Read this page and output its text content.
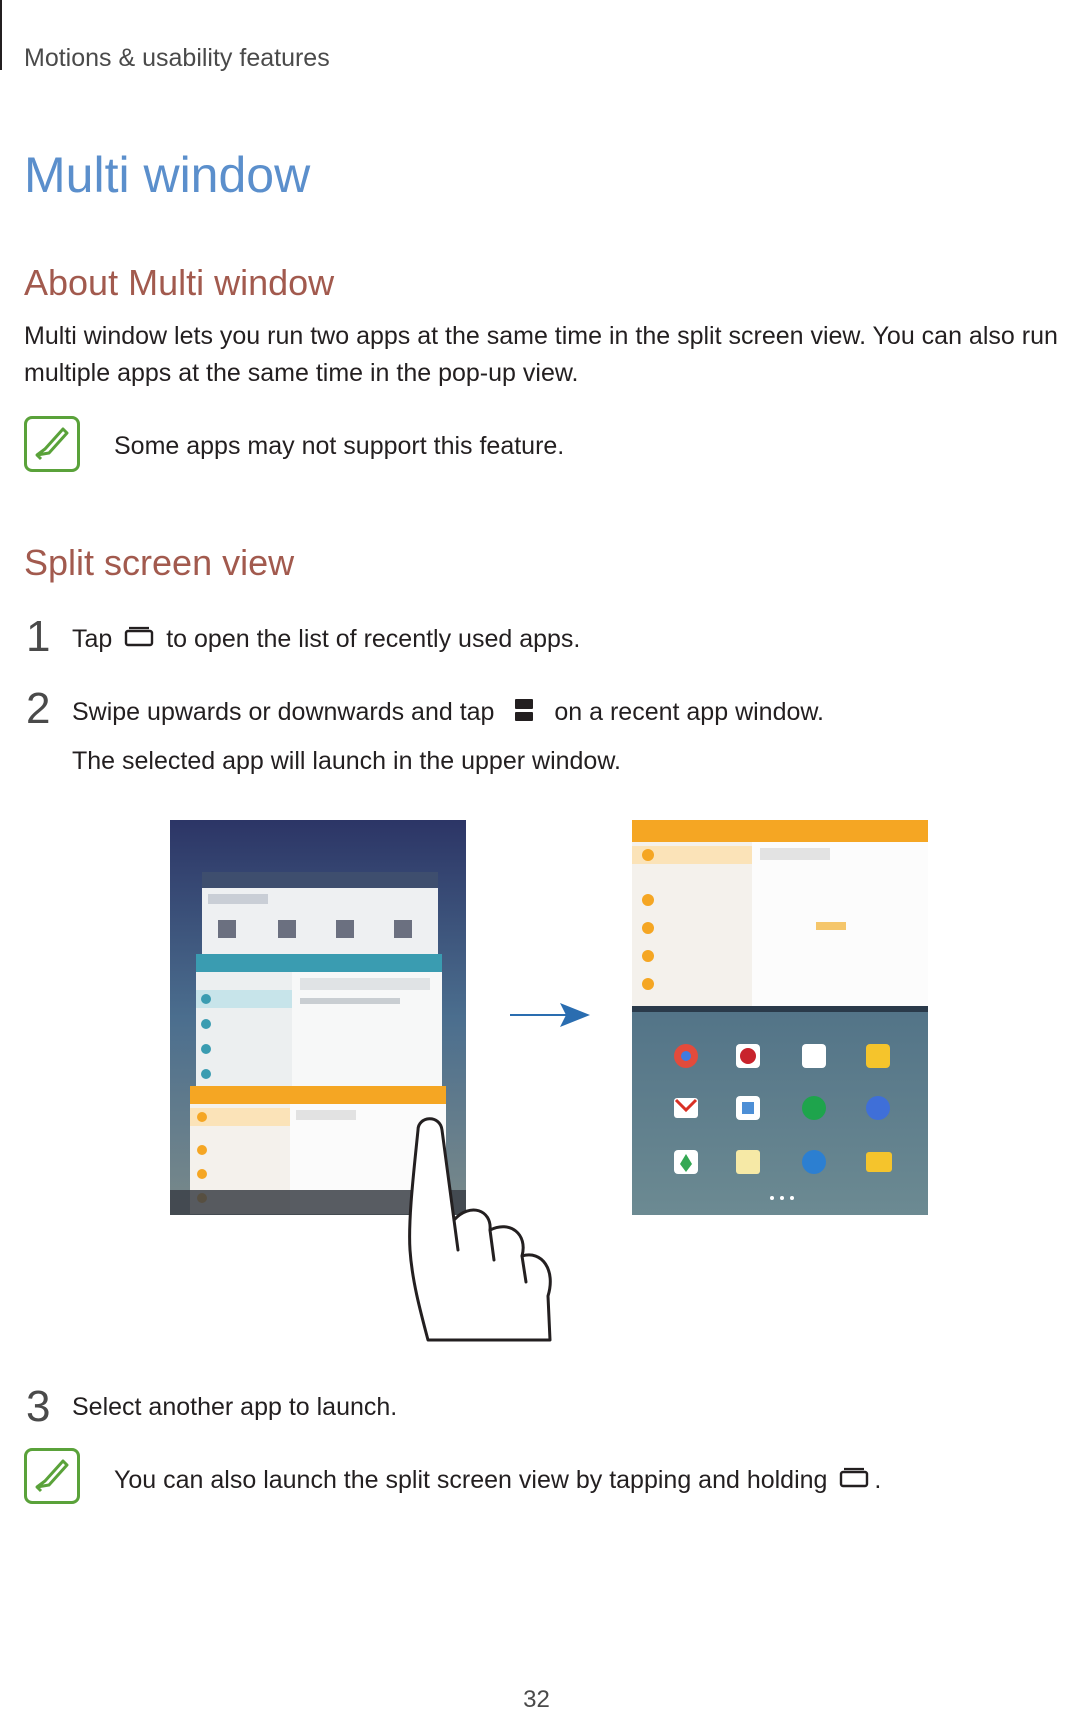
Motions & usability features
Multi window
About Multi window
Multi window lets you run two apps at the same time in the split screen view. You can also run
multiple apps at the same time in the pop-up view.
Some apps may not support this feature.
Split screen view
1 Tap to open the list of recently used apps.
2 Swipe upwards or downwards and tap on a recent app window.
The selected app will launch in the upper window.
3 Select another app to launch.
You can also launch the split screen view by tapping and holding .
32
